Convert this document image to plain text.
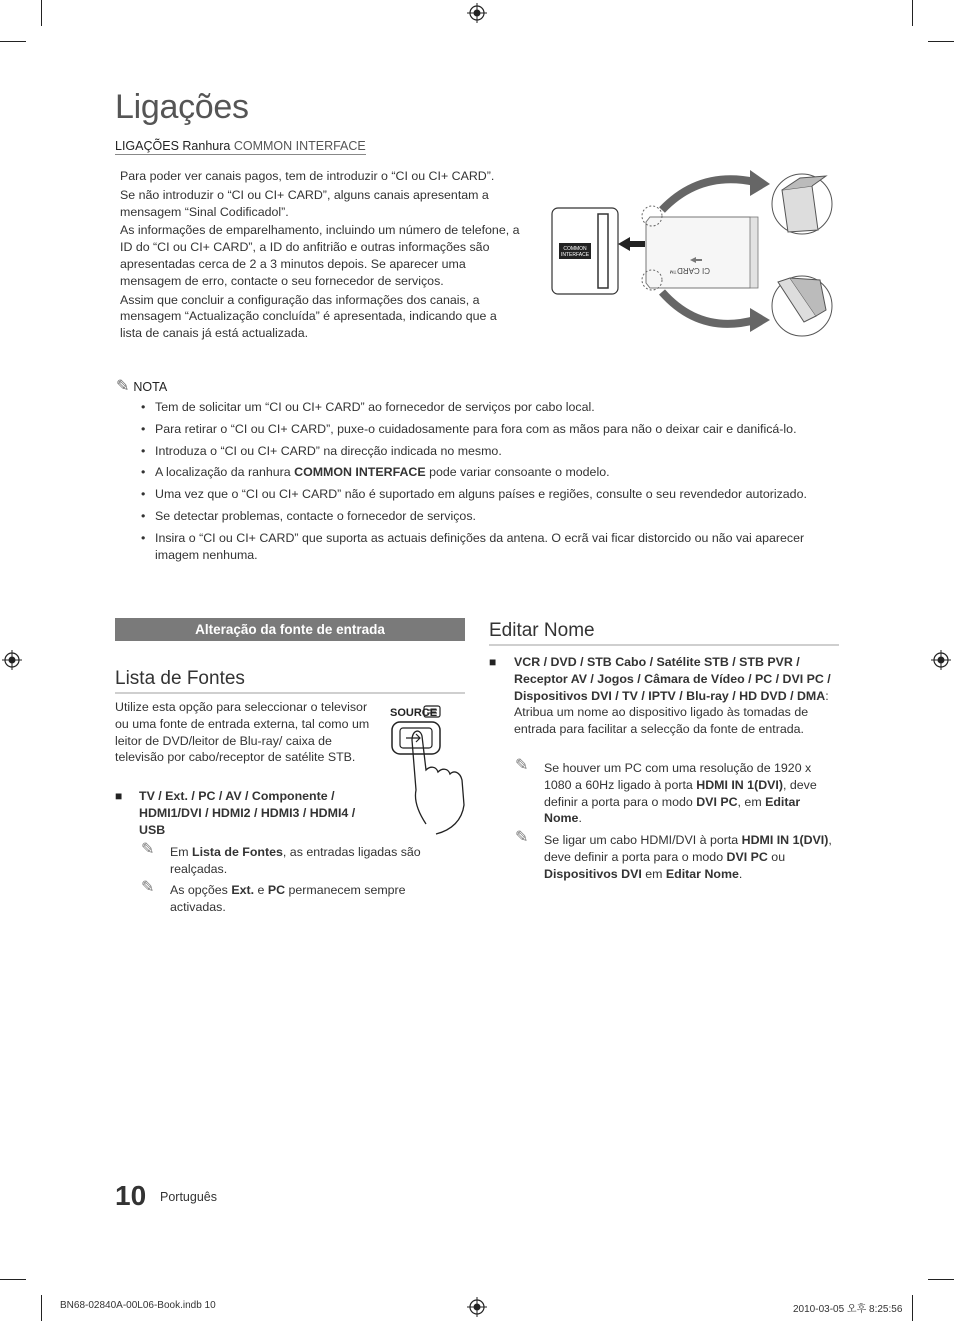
Ligações
LIGAÇÕES Ranhura COMMON INTERFACE

Para poder ver canais pagos, tem de introduzir o “CI ou CI+ CARD”.

Se não introduzir o “CI ou CI+ CARD”, alguns canais apresentam a mensagem “Sinal Codificadol”.

As informações de emparelhamento, incluindo um número de telefone, a ID do “CI ou CI+ CARD”, a ID do anfitrião e outras informações são apresentadas cerca de 2 a 3 minutos depois. Se aparecer uma mensagem de erro, contacte o seu fornecedor de serviços.

Assim que concluir a configuração das informações dos canais, a mensagem “Actualização concluída” é apresentada, indicando que a lista de canais já está actualizada.

COMMON
INTERFACE
CI CARD™
✎ NOTA
• Tem de solicitar um “CI ou CI+ CARD” ao fornecedor de serviços por cabo local.
• Para retirar o “CI ou CI+ CARD”, puxe-o cuidadosamente para fora com as mãos para não o deixar cair e danificá-lo.
• Introduza o “CI ou CI+ CARD” na direcção indicada no mesmo.
• A localização da ranhura COMMON INTERFACE pode variar consoante o modelo.
• Uma vez que o “CI ou CI+ CARD” não é suportado em alguns países e regiões, consulte o seu revendedor autorizado.
• Se detectar problemas, contacte o fornecedor de serviços.
• Insira o “CI ou CI+ CARD” que suporta as actuais definições da antena. O ecrã vai ficar distorcido ou não vai aparecer imagem nenhuma.
Alteração da fonte de entrada
Lista de Fontes
Utilize esta opção para seleccionar o televisor ou uma fonte de entrada externa, tal como um leitor de DVD/leitor de Blu-ray/ caixa de televisão por cabo/receptor de satélite STB.
SOURCE
■ TV / Ext. / PC / AV / Componente / HDMI1/DVI / HDMI2 / HDMI3 / HDMI4 / USB
✎ Em Lista de Fontes, as entradas ligadas são realçadas.
✎ As opções Ext. e PC permanecem sempre activadas.
Editar Nome
■ VCR / DVD / STB Cabo / Satélite STB / STB PVR / Receptor AV / Jogos / Câmara de Vídeo / PC / DVI PC / Dispositivos DVI / TV / IPTV / Blu-ray / HD DVD / DMA: Atribua um nome ao dispositivo ligado às tomadas de entrada para facilitar a selecção da fonte de entrada.
✎ Se houver um PC com uma resolução de 1920 x 1080 a 60Hz ligado à porta HDMI IN 1(DVI), deve definir a porta para o modo DVI PC, em Editar Nome.
✎ Se ligar um cabo HDMI/DVI à porta HDMI IN 1(DVI), deve definir a porta para o modo DVI PC ou Dispositivos DVI em Editar Nome.
10 Português
BN68-02840A-00L06-Book.indb 10	2010-03-05 오후 8:25:56
